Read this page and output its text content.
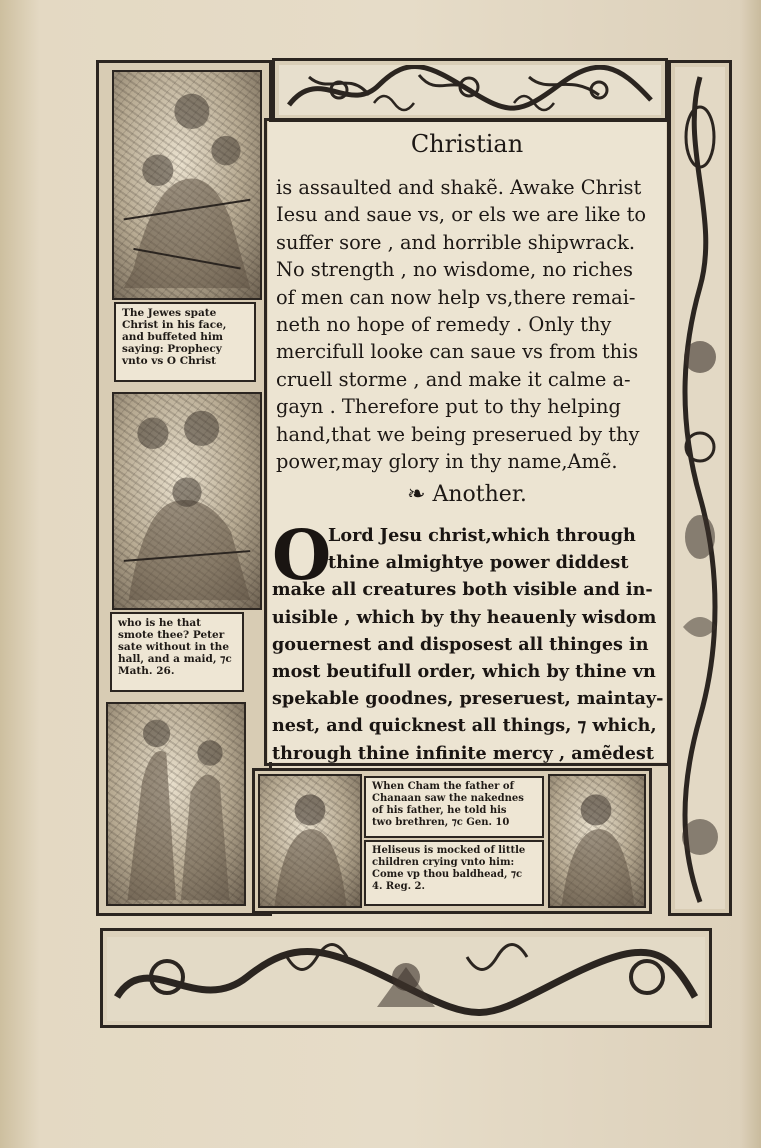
The Jewes spate
Christ in his face,
and buffeted him
saying: Prophecy
vnto vs O Christ
who is he that
smote thee? Peter
sate without in the
hall, and a maid, ⁊c
Math. 26.
When Cham the father of
Chanaan saw the nakednes
of his father, he told his
two brethren, ⁊c Gen. 10
Heliseus is mocked of little
children crying vnto him:
Come vp thou baldhead, ⁊c
4. Reg. 2.
Christian
is assaulted and shakẽ. Awake Christ
Iesu and saue vs, or els we are like to
suffer sore , and horrible shipwrack.
No strength , no wisdome, no riches
of men can now help vs,there remai-
neth no hope of remedy . Only thy
mercifull looke can saue vs from this
cruell storme , and make it calme a-
gayn . Therefore put to thy helping
hand,that we being preserued by thy
power,may glory in thy name,Amẽ.
❧ Another.
O
Lord Jesu christ,which through
thine almightye power diddest
make all creatures both visible and in-
uisible , which by thy heauenly wisdom
gouernest and disposest all thinges in
most beutifull order, which by thine vn
spekable goodnes, preseruest, maintay-
nest, and quicknest all things, ⁊ which,
through thine infinite mercy , amẽdest
